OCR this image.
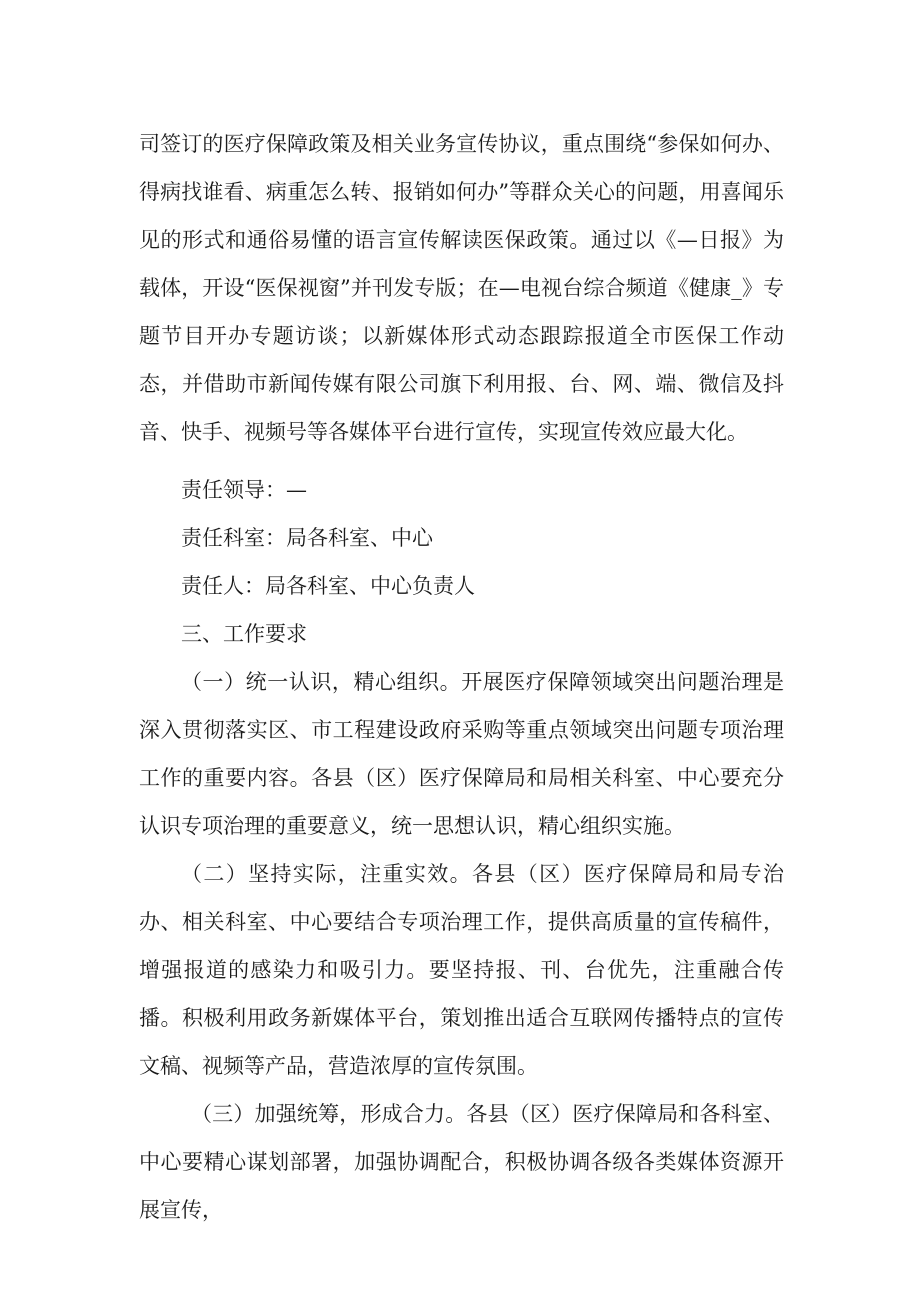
司签订的医疗保障政策及相关业务宣传协议，重点围绕“参保如何办、得病找谁看、病重怎么转、报销如何办”等群众关心的问题，用喜闻乐见的形式和通俗易懂的语言宣传解读医保政策。通过以《—日报》为载体，开设“医保视窗”并刊发专版；在—电视台综合频道《健康_》专题节目开办专题访谈；以新媒体形式动态跟踪报道全市医保工作动态，并借助市新闻传媒有限公司旗下利用报、台、网、端、微信及抖音、快手、视频号等各媒体平台进行宣传，实现宣传效应最大化。

责任领导：—

责任科室：局各科室、中心

责任人：局各科室、中心负责人

三、工作要求

（一）统一认识，精心组织。开展医疗保障领域突出问题治理是深入贯彻落实区、市工程建设政府采购等重点领域突出问题专项治理工作的重要内容。各县（区）医疗保障局和局相关科室、中心要充分认识专项治理的重要意义，统一思想认识，精心组织实施。

（二）坚持实际，注重实效。各县（区）医疗保障局和局专治办、相关科室、中心要结合专项治理工作，提供高质量的宣传稿件，增强报道的感染力和吸引力。要坚持报、刊、台优先，注重融合传播。积极利用政务新媒体平台，策划推出适合互联网传播特点的宣传文稿、视频等产品，营造浓厚的宣传氛围。

（三）加强统筹，形成合力。各县（区）医疗保障局和各科室、中心要精心谋划部署，加强协调配合，积极协调各级各类媒体资源开展宣传，
